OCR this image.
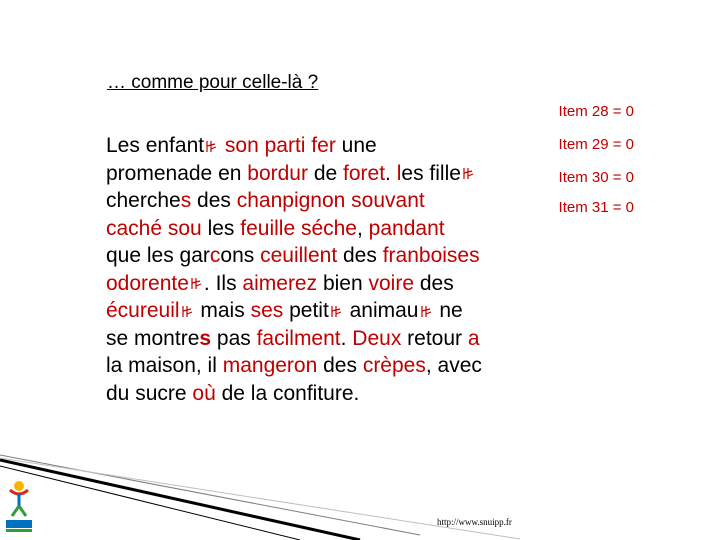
… comme pour celle-là ?
Item 28 = 0
Item 29 = 0
Item 30 = 0
Item 31 = 0
Les enfant
son parti fer une
promenade en bordur de foret. les fille
cherches des chanpignon souvant
caché sou les feuille séche, pandant
que les garcons ceuillent des franboises
odorente . Ils aimerez bien voire des
écureuil
mais ses petit
animau
ne
se montres pas facilment. Deux retour a
la maison, il mangeron des crèpes, avec
du sucre où de la confiture.
http://www.snuipp.fr
